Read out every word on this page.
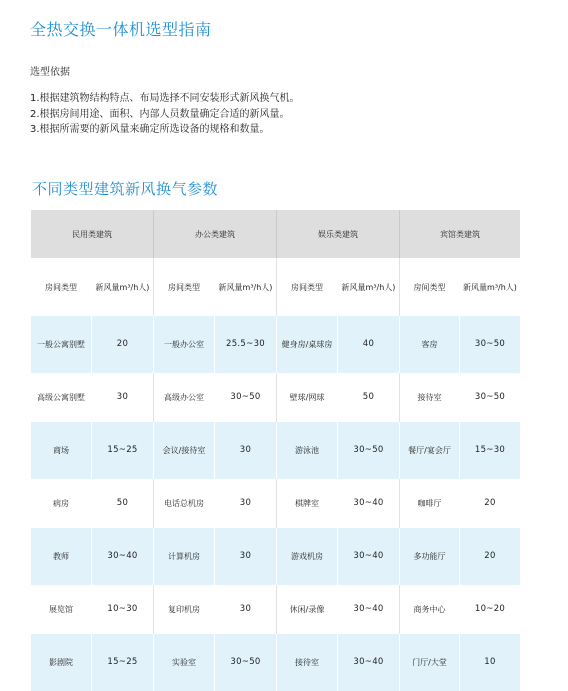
全热交换一体机选型指南
选型依据
1.根据建筑物结构特点、布局选择不同安装形式新风换气机。
2.根据房间用途、面积、内部人员数量确定合适的新风量。
3.根据所需要的新风量来确定所选设备的规格和数量。
不同类型建筑新风换气参数
民用类建筑		办公类建筑		娱乐类建筑		宾馆类建筑	
房间类型	新风量m³/h人)	房间类型	新风量m³/h人)	房间类型	新风量m³/h人)	房间类型	新风量m³/h人)
一般公寓别墅	20	一般办公室	25.5~30	健身房/桌球房	40	客房	30~50
高级公寓别墅	30	高级办公室	30~50	壁球/网球	50	接待室	30~50
商场	15~25	会议/接待室	30	游泳池	30~50	餐厅/宴会厅	15~30
病房	50	电话总机房	30	棋牌室	30~40	咖啡厅	20
教师	30~40	计算机房	30	游戏机房	30~40	多功能厅	20
展览馆	10~30	复印机房	30	休闲/录像	30~40	商务中心	10~20
影剧院	15~25	实验室	30~50	接待室	30~40	门厅/大堂	10
